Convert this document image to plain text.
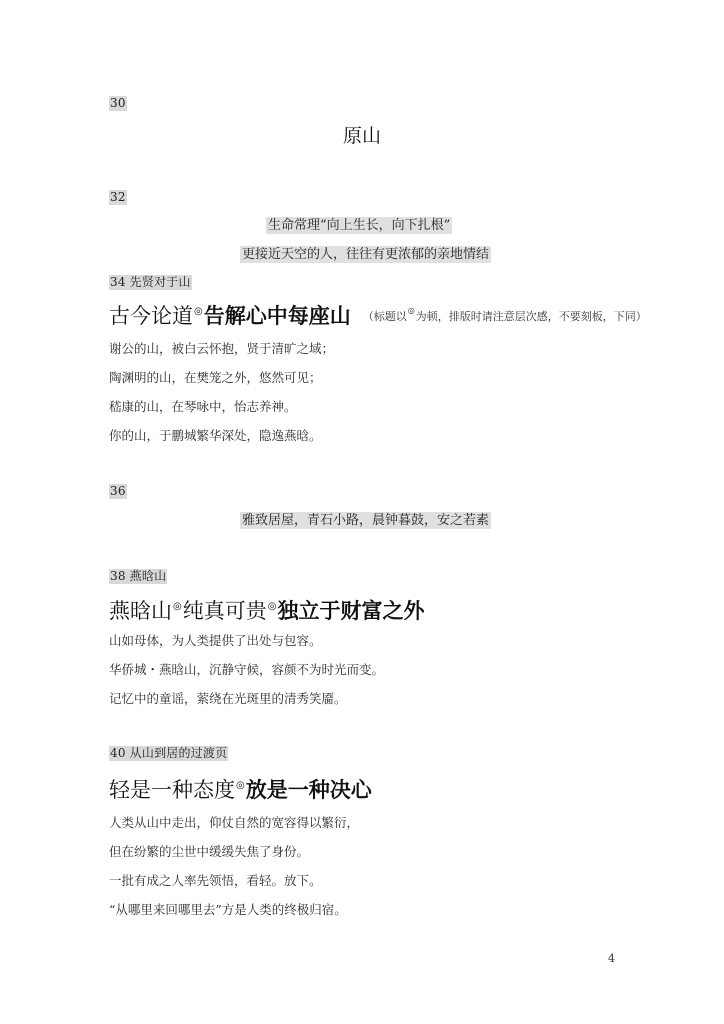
30
原山
32
生命常理“向上生长，向下扎根”
更接近天空的人，往往有更浓郁的亲地情结
34 先贤对于山
古今论道◎告解心中每座山 （标题以◎为顿，排版时请注意层次感，不要刻板，下同）
谢公的山，被白云怀抱，贤于清旷之域；
陶渊明的山，在樊笼之外，悠然可见；
嵇康的山，在琴咏中，怡志养神。
你的山，于鹏城繁华深处，隐逸燕晗。
36
雅致居屋，青石小路，晨钟暮鼓，安之若素
38 燕晗山
燕晗山◎纯真可贵◎独立于财富之外
山如母体，为人类提供了出处与包容。
华侨城・燕晗山，沉静守候，容颜不为时光而变。
记忆中的童谣，萦绕在光斑里的清秀笑靥。
40 从山到居的过渡页
轻是一种态度◎放是一种决心
人类从山中走出，仰仗自然的宽容得以繁衍，
但在纷繁的尘世中缓缓失焦了身份。
一批有成之人率先领悟，看轻。放下。
“从哪里来回哪里去”方是人类的终极归宿。
4
